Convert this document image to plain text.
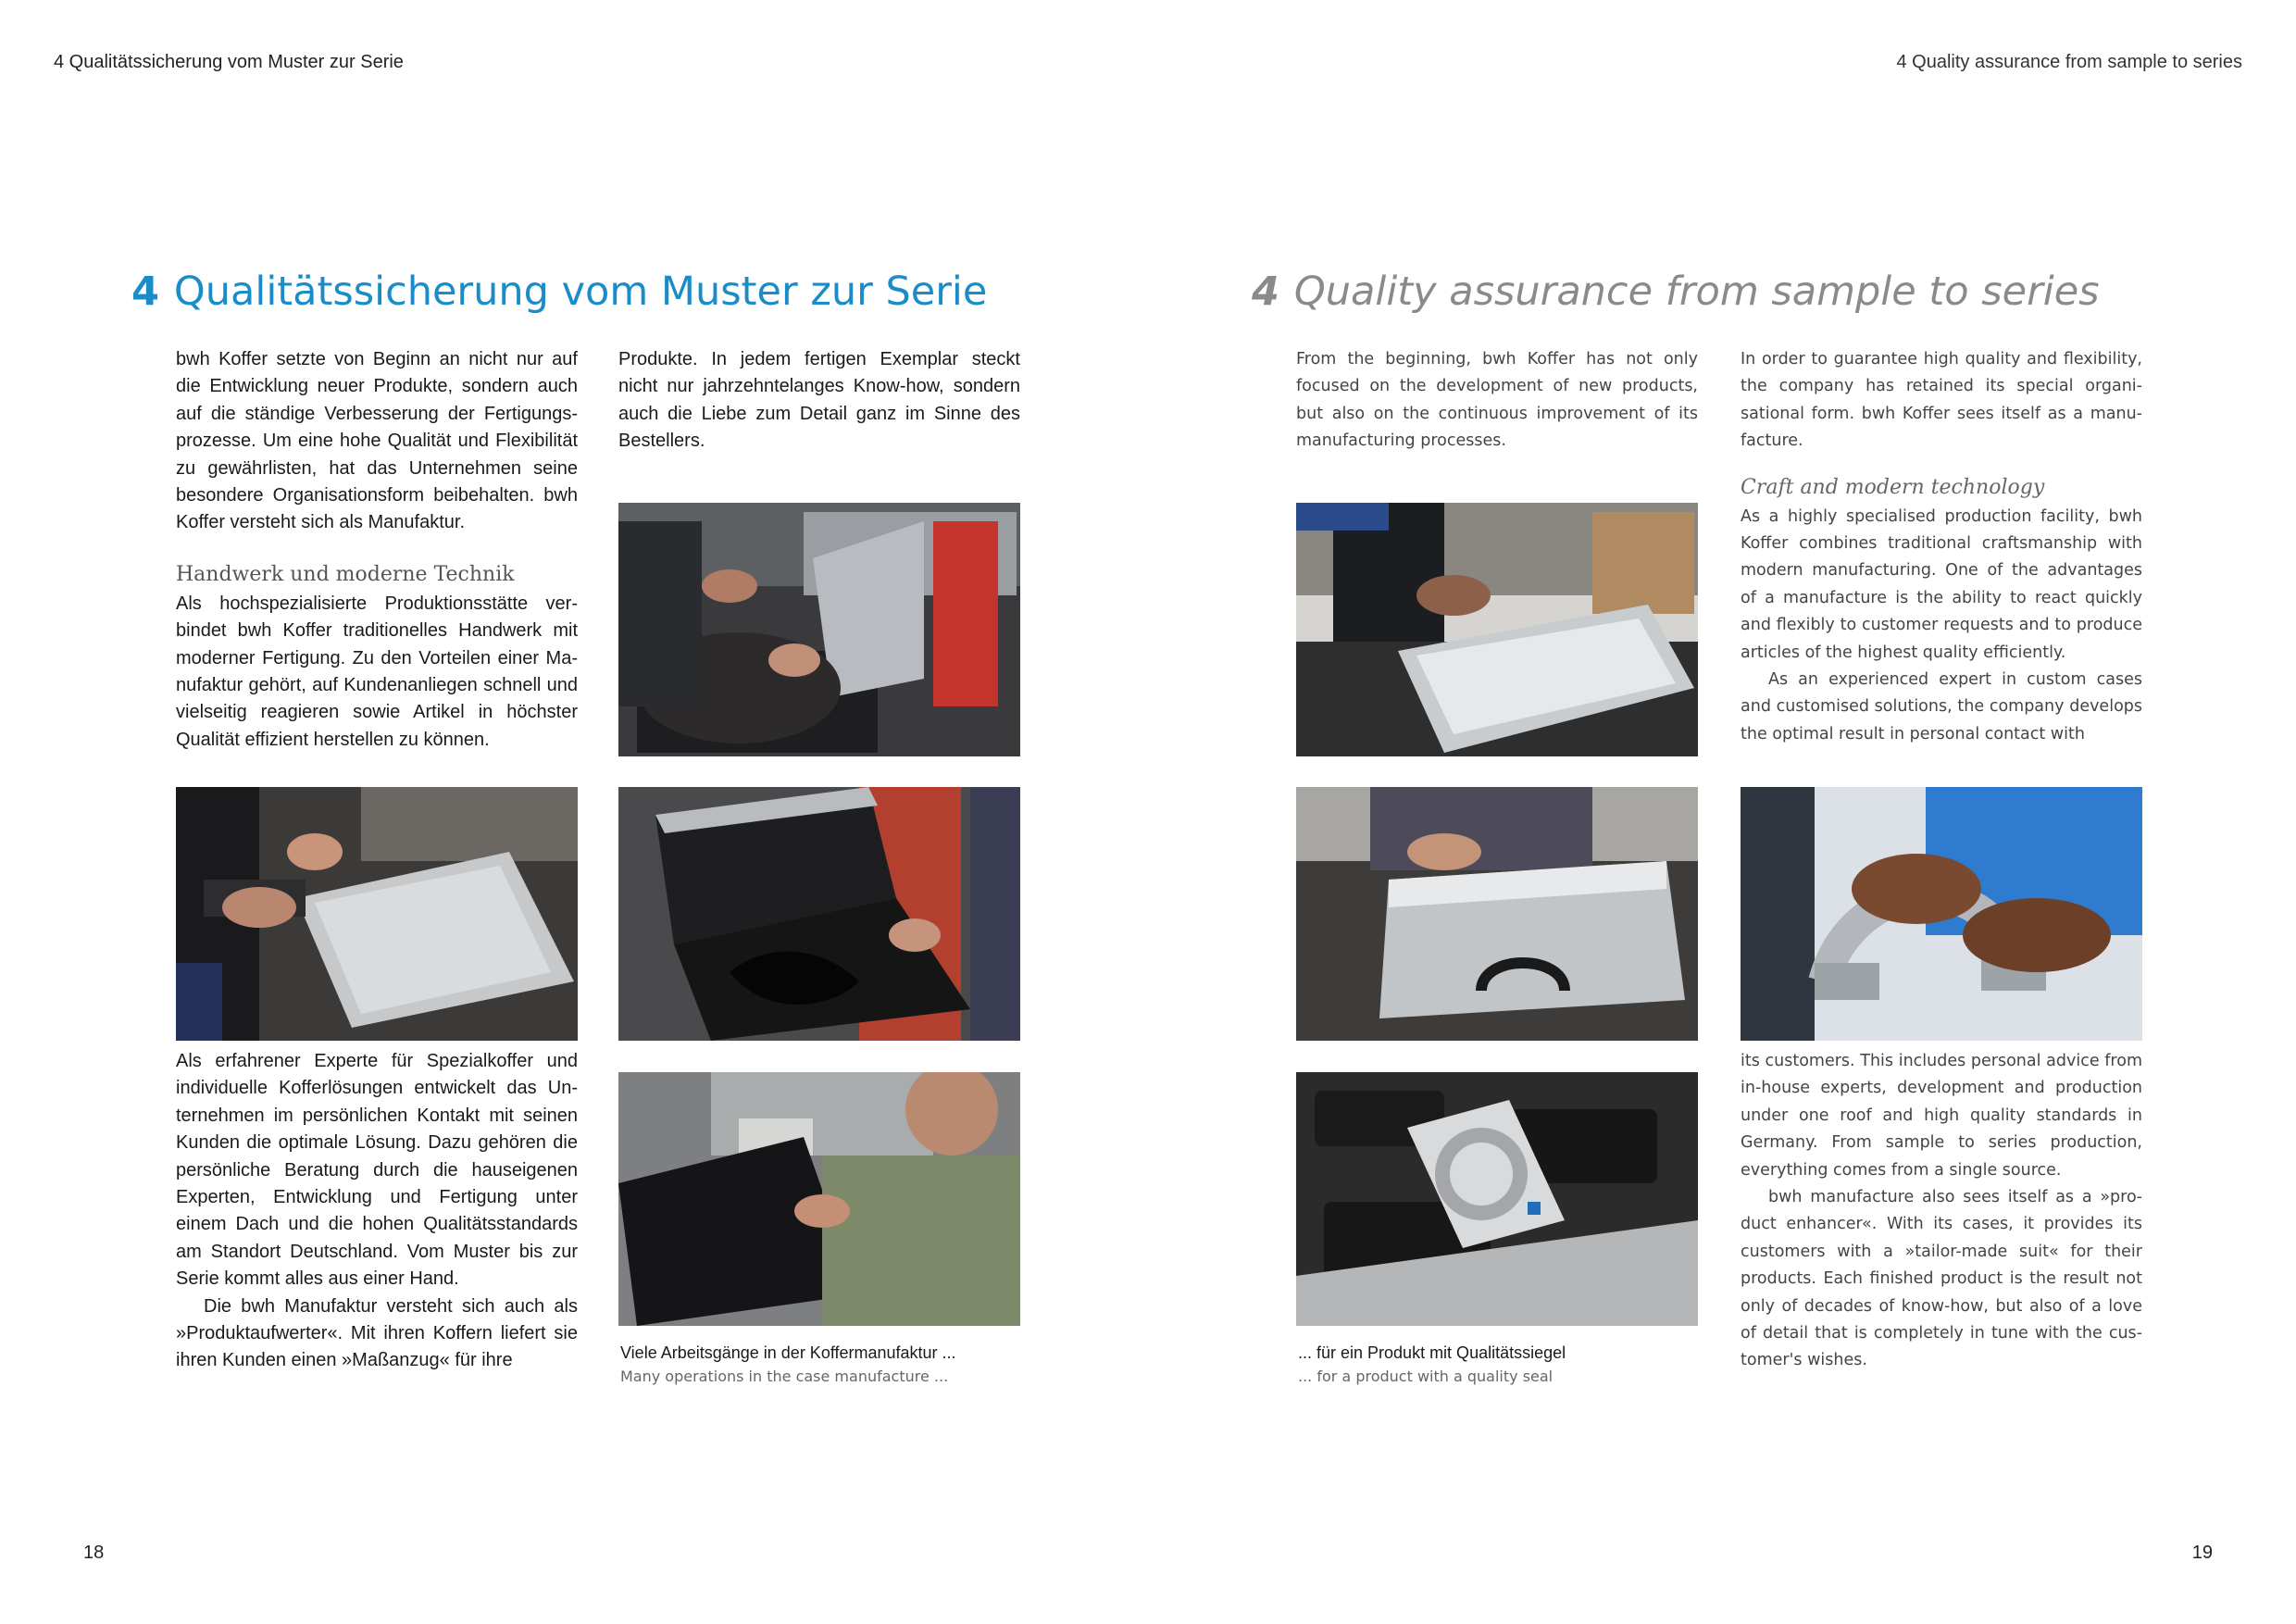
4 Qualitätssicherung vom Muster zur Serie	4 Quality assurance from sample to series
4 Qualitätssicherung vom Muster zur Serie	4 Quality assurance from sample to series

bwh Koffer setzte von Beginn an nicht nur auf die Entwicklung neuer Produkte, sondern auch auf die ständige Verbesserung der Fertigungsprozesse. Um eine hohe Qualität und Flexibilität zu gewährlisten, hat das Unternehmen seine besondere Organisationsform beibehalten. bwh Koffer versteht sich als Manufaktur.

Handwerk und moderne Technik

Als hochspezialisierte Produktionsstätte verbindet bwh Koffer traditionelles Handwerk mit moderner Fertigung. Zu den Vorteilen einer Manufaktur gehört, auf Kundenanliegen schnell und vielseitig reagieren sowie Artikel in höchster Qualität effizient herstellen zu können.

Als erfahrener Experte für Spezialkoffer und individuelle Kofferlösungen entwickelt das Unternehmen im persönlichen Kontakt mit seinen Kunden die optimale Lösung. Dazu gehören die persönliche Beratung durch die hauseigenen Experten, Entwicklung und Fertigung unter einem Dach und die hohen Qualitätsstandards am Standort Deutschland. Vom Muster bis zur Serie kommt alles aus einer Hand.

Die bwh Manufaktur versteht sich auch als »Produktaufwerter«. Mit ihren Koffern liefert sie ihren Kunden einen »Maßanzug« für ihre

Produkte. In jedem fertigen Exemplar steckt nicht nur jahrzehntelanges Know-how, sondern auch die Liebe zum Detail ganz im Sinne des Bestellers.

From the beginning, bwh Koffer has not only focused on the development of new products, but also on the continuous improvement of its manufacturing processes.

In order to guarantee high quality and flexibility, the company has retained its special organisational form. bwh Koffer sees itself as a manufacture.

Craft and modern technology

As a highly specialised production facility, bwh Koffer combines traditional craftsmanship with modern manufacturing. One of the advantages of a manufacture is the ability to react quickly and flexibly to customer requests and to produce articles of the highest quality efficiently.

As an experienced expert in custom cases and customised solutions, the company develops the optimal result in personal contact with

its customers. This includes personal advice from in-house experts, development and production under one roof and high quality standards in Germany. From sample to series production, everything comes from a single source.

bwh manufacture also sees itself as a »product enhancer«. With its cases, it provides its customers with a »tailor-made suit« for their products. Each finished product is the result not only of decades of know-how, but also of a love of detail that is completely in tune with the customer's wishes.

Viele Arbeitsgänge in der Koffermanufaktur ...
Many operations in the case manufacture ...
... für ein Produkt mit Qualitätssiegel
... for a product with a quality seal
18	19
